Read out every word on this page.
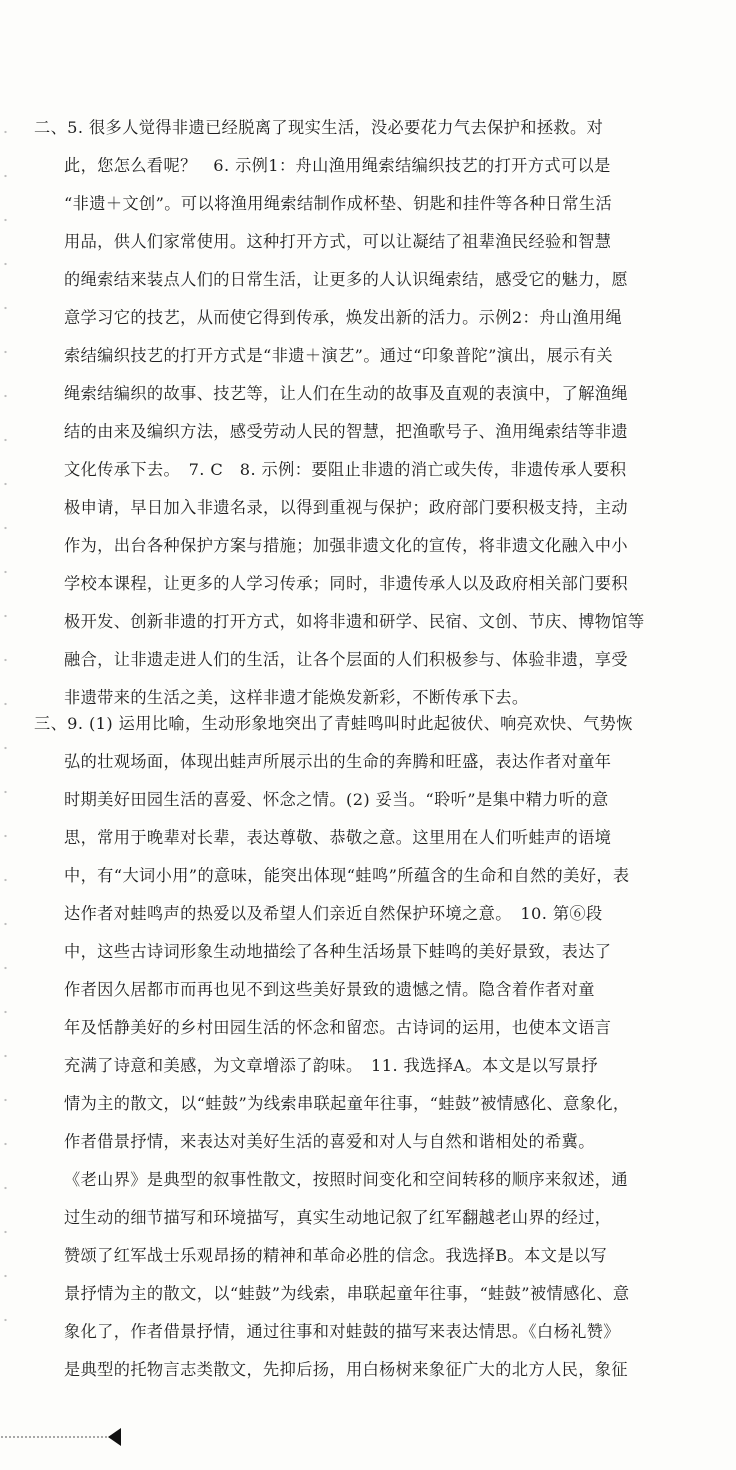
二、5. 很多人觉得非遗已经脱离了现实生活，没必要花力气去保护和拯救。对
此，您怎么看呢？　6. 示例1：舟山渔用绳索结编织技艺的打开方式可以是
“非遗＋文创”。可以将渔用绳索结制作成杯垫、钥匙和挂件等各种日常生活
用品，供人们家常使用。这种打开方式，可以让凝结了祖辈渔民经验和智慧
的绳索结来装点人们的日常生活，让更多的人认识绳索结，感受它的魅力，愿
意学习它的技艺，从而使它得到传承，焕发出新的活力。示例2：舟山渔用绳
索结编织技艺的打开方式是“非遗＋演艺”。通过“印象普陀”演出，展示有关
绳索结编织的故事、技艺等，让人们在生动的故事及直观的表演中，了解渔绳
结的由来及编织方法，感受劳动人民的智慧，把渔歌号子、渔用绳索结等非遗
文化传承下去。　7. C　8. 示例：要阻止非遗的消亡或失传，非遗传承人要积
极申请，早日加入非遗名录，以得到重视与保护；政府部门要积极支持，主动
作为，出台各种保护方案与措施；加强非遗文化的宣传，将非遗文化融入中小
学校本课程，让更多的人学习传承；同时，非遗传承人以及政府相关部门要积
极开发、创新非遗的打开方式，如将非遗和研学、民宿、文创、节庆、博物馆等
融合，让非遗走进人们的生活，让各个层面的人们积极参与、体验非遗，享受
非遗带来的生活之美，这样非遗才能焕发新彩，不断传承下去。
三、9. (1) 运用比喻，生动形象地突出了青蛙鸣叫时此起彼伏、响亮欢快、气势恢
弘的壮观场面，体现出蛙声所展示出的生命的奔腾和旺盛，表达作者对童年
时期美好田园生活的喜爱、怀念之情。(2) 妥当。“聆听”是集中精力听的意
思，常用于晚辈对长辈，表达尊敬、恭敬之意。这里用在人们听蛙声的语境
中，有“大词小用”的意味，能突出体现“蛙鸣”所蕴含的生命和自然的美好，表
达作者对蛙鸣声的热爱以及希望人们亲近自然保护环境之意。　10. 第⑥段
中，这些古诗词形象生动地描绘了各种生活场景下蛙鸣的美好景致，表达了
作者因久居都市而再也见不到这些美好景致的遗憾之情。隐含着作者对童
年及恬静美好的乡村田园生活的怀念和留恋。古诗词的运用，也使本文语言
充满了诗意和美感，为文章增添了韵味。　11. 我选择A。本文是以写景抒
情为主的散文，以“蛙鼓”为线索串联起童年往事，“蛙鼓”被情感化、意象化，
作者借景抒情，来表达对美好生活的喜爱和对人与自然和谐相处的希冀。
《老山界》是典型的叙事性散文，按照时间变化和空间转移的顺序来叙述，通
过生动的细节描写和环境描写，真实生动地记叙了红军翻越老山界的经过，
赞颂了红军战士乐观昂扬的精神和革命必胜的信念。我选择B。本文是以写
景抒情为主的散文，以“蛙鼓”为线索，串联起童年往事，“蛙鼓”被情感化、意
象化了，作者借景抒情，通过往事和对蛙鼓的描写来表达情思。《白杨礼赞》
是典型的托物言志类散文，先抑后扬，用白杨树来象征广大的北方人民，象征
